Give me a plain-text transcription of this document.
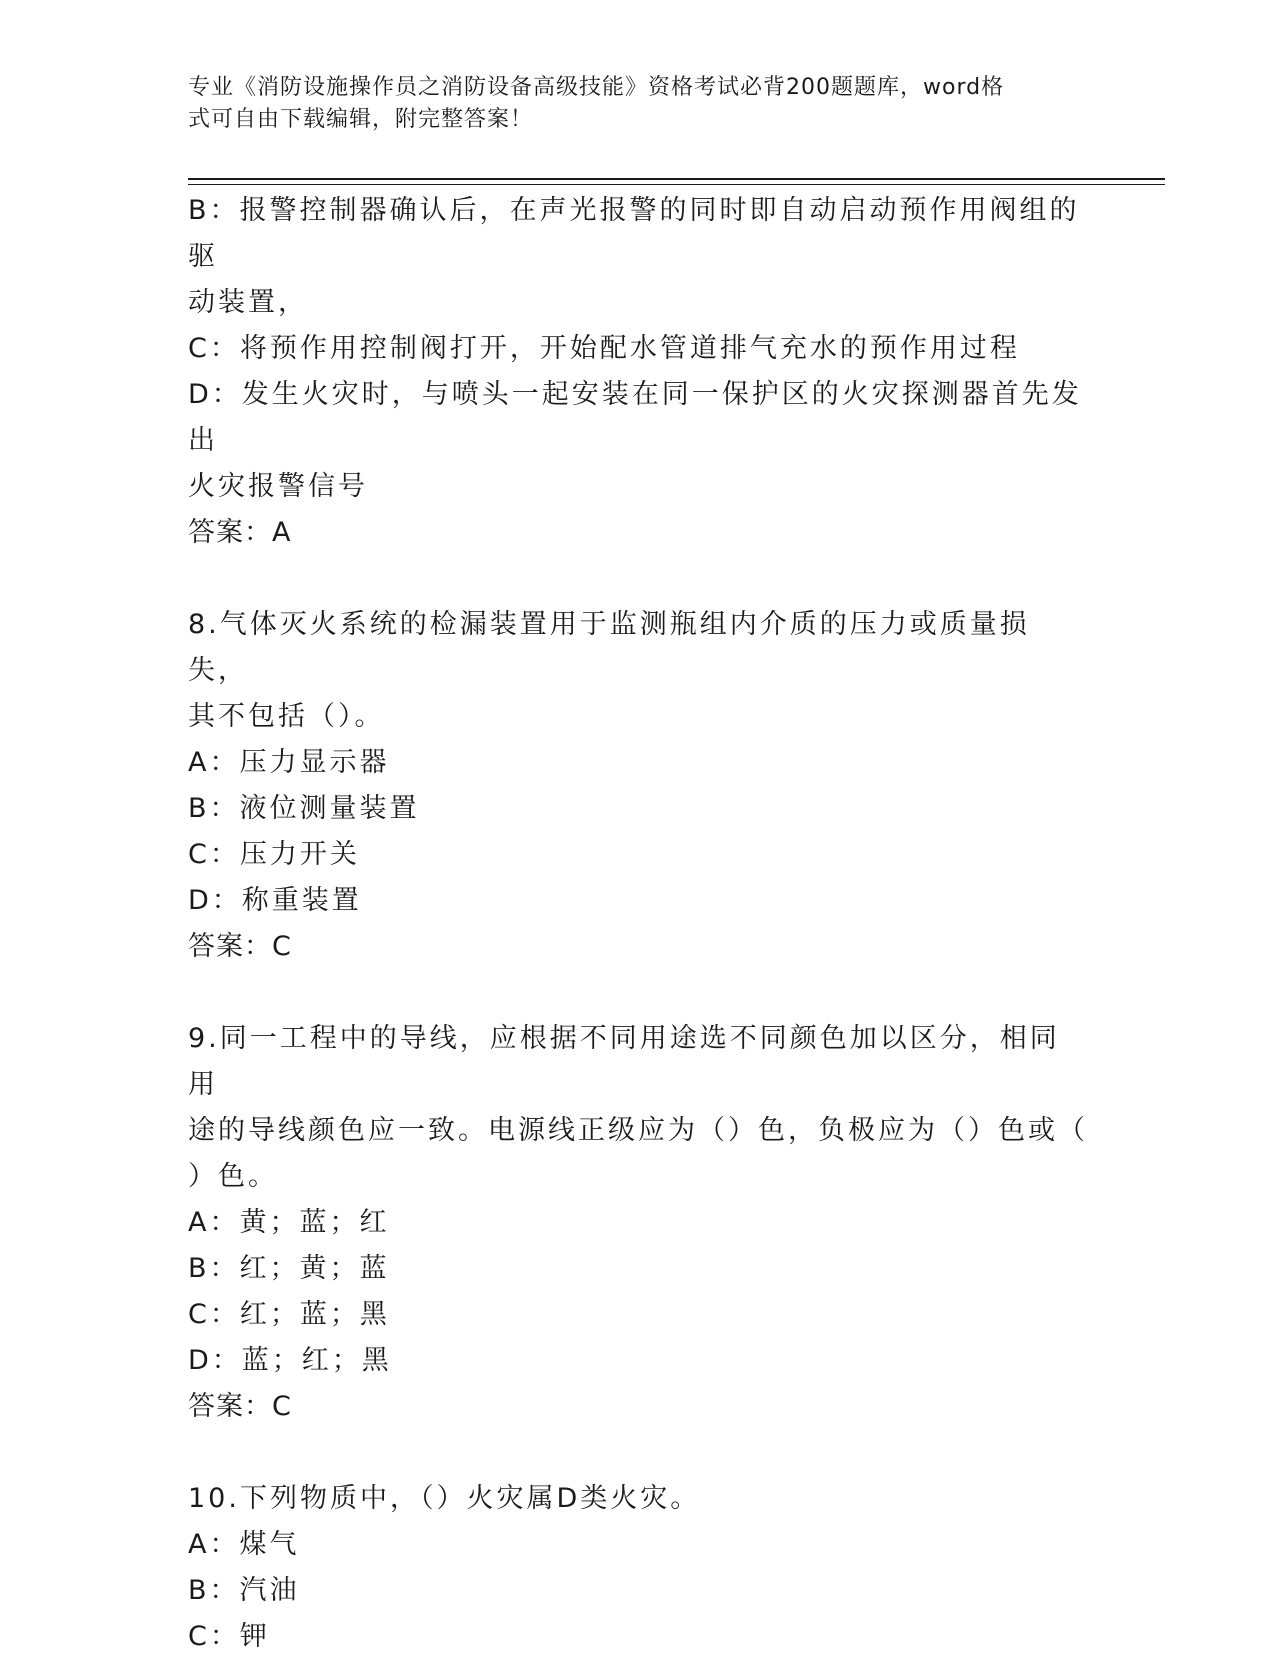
专业《消防设施操作员之消防设备高级技能》资格考试必背200题题库，word格
式可自由下载编辑，附完整答案！
B：报警控制器确认后，在声光报警的同时即自动启动预作用阀组的驱
动装置，
C：将预作用控制阀打开，开始配水管道排气充水的预作用过程
D：发生火灾时，与喷头一起安装在同一保护区的火灾探测器首先发出
火灾报警信号
答案：A
8.气体灭火系统的检漏装置用于监测瓶组内介质的压力或质量损失，
其不包括（）。
A：压力显示器
B：液位测量装置
C：压力开关
D：称重装置
答案：C
9.同一工程中的导线，应根据不同用途选不同颜色加以区分，相同用
途的导线颜色应一致。电源线正级应为（）色，负极应为（）色或（
）色。
A：黄；蓝；红
B：红；黄；蓝
C：红；蓝；黑
D：蓝；红；黑
答案：C
10.下列物质中，（）火灾属D类火灾。
A：煤气
B：汽油
C：钾
